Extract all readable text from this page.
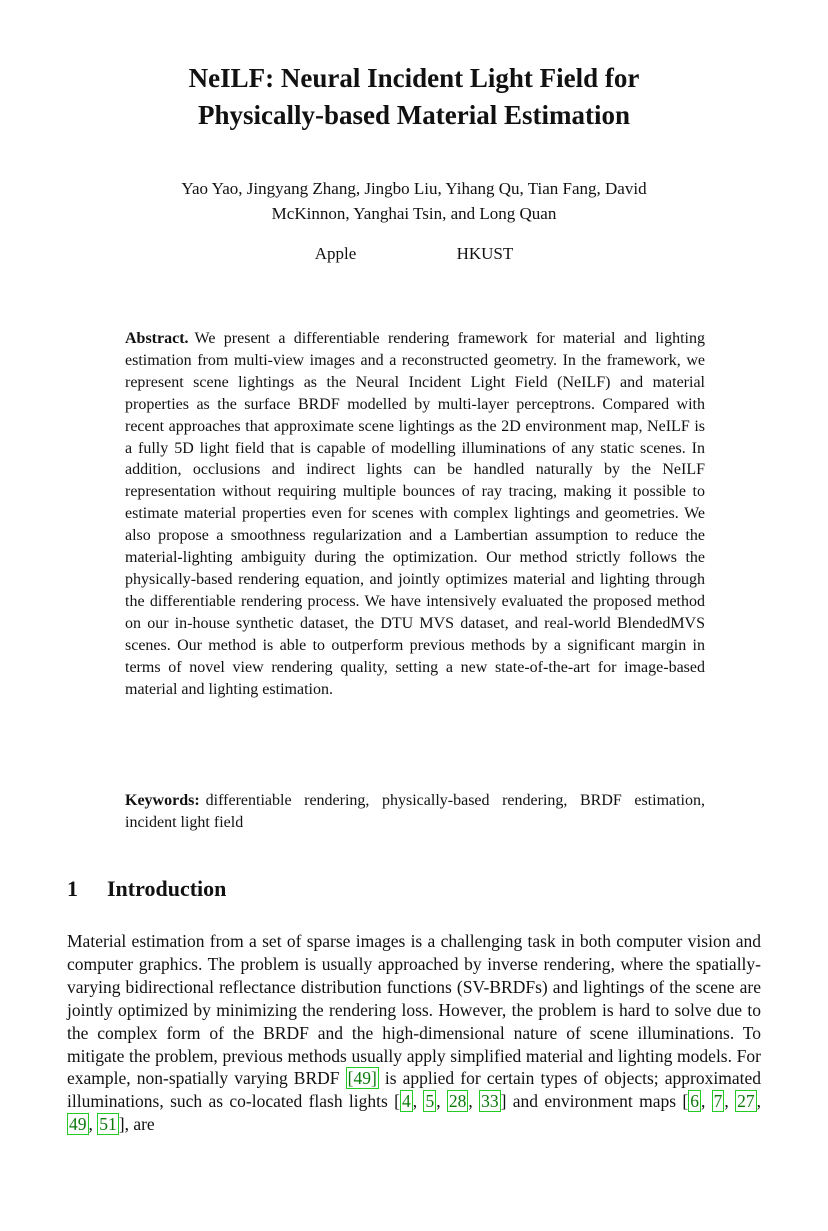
NeILF: Neural Incident Light Field for
Physically-based Material Estimation
Yao Yao, Jingyang Zhang, Jingbo Liu, Yihang Qu, Tian Fang, David
McKinnon, Yanghai Tsin, and Long Quan
Apple	HKUST
Abstract. We present a differentiable rendering framework for material and lighting estimation from multi-view images and a reconstructed geometry. In the framework, we represent scene lightings as the Neural Incident Light Field (NeILF) and material properties as the surface BRDF modelled by multi-layer perceptrons. Compared with recent approaches that approximate scene lightings as the 2D environment map, NeILF is a fully 5D light field that is capable of modelling illuminations of any static scenes. In addition, occlusions and indirect lights can be handled naturally by the NeILF representation without requiring multiple bounces of ray tracing, making it possible to estimate material properties even for scenes with complex lightings and geometries. We also propose a smoothness regularization and a Lambertian assumption to reduce the material-lighting ambiguity during the optimization. Our method strictly follows the physically-based rendering equation, and jointly optimizes material and lighting through the differentiable rendering process. We have intensively evaluated the proposed method on our in-house synthetic dataset, the DTU MVS dataset, and real-world BlendedMVS scenes. Our method is able to outperform previous methods by a significant margin in terms of novel view rendering quality, setting a new state-of-the-art for image-based material and lighting estimation.
Keywords: differentiable rendering, physically-based rendering, BRDF estimation, incident light field
1 Introduction
Material estimation from a set of sparse images is a challenging task in both computer vision and computer graphics. The problem is usually approached by inverse rendering, where the spatially-varying bidirectional reflectance distribution functions (SV-BRDFs) and lightings of the scene are jointly optimized by minimizing the rendering loss. However, the problem is hard to solve due to the complex form of the BRDF and the high-dimensional nature of scene illuminations. To mitigate the problem, previous methods usually apply simplified material and lighting models. For example, non-spatially varying BRDF [49] is applied for certain types of objects; approximated illuminations, such as co-located flash lights [ 4 , 5 , 28 , 33 ] and environment maps [ 6 , 7 , 27 , 49 , 51 ], are
